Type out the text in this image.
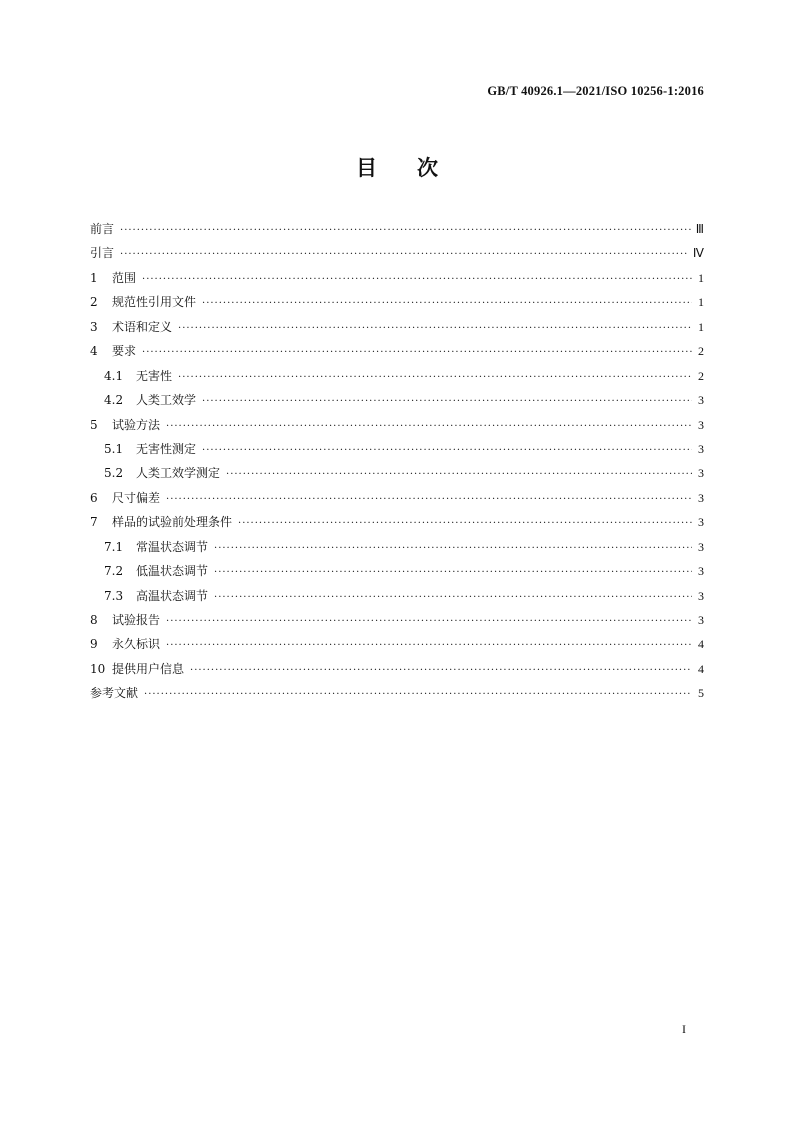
GB/T 40926.1—2021/ISO 10256-1:2016
目 次
前言 ·····	Ⅲ
引言 ·····	Ⅳ
1	范围 ·····	1
2	规范性引用文件 ·····	1
3	术语和定义 ·····	1
4	要求 ·····	2
4.1	无害性 ·····	2
4.2	人类工效学 ·····	3
5	试验方法 ·····	3
5.1	无害性测定 ·····	3
5.2	人类工效学测定 ·····	3
6	尺寸偏差 ·····	3
7	样品的试验前处理条件 ·····	3
7.1	常温状态调节 ·····	3
7.2	低温状态调节 ·····	3
7.3	高温状态调节 ·····	3
8	试验报告 ·····	3
9	永久标识 ·····	4
10 提供用户信息 ·····	4
参考文献 ·····	5
I
